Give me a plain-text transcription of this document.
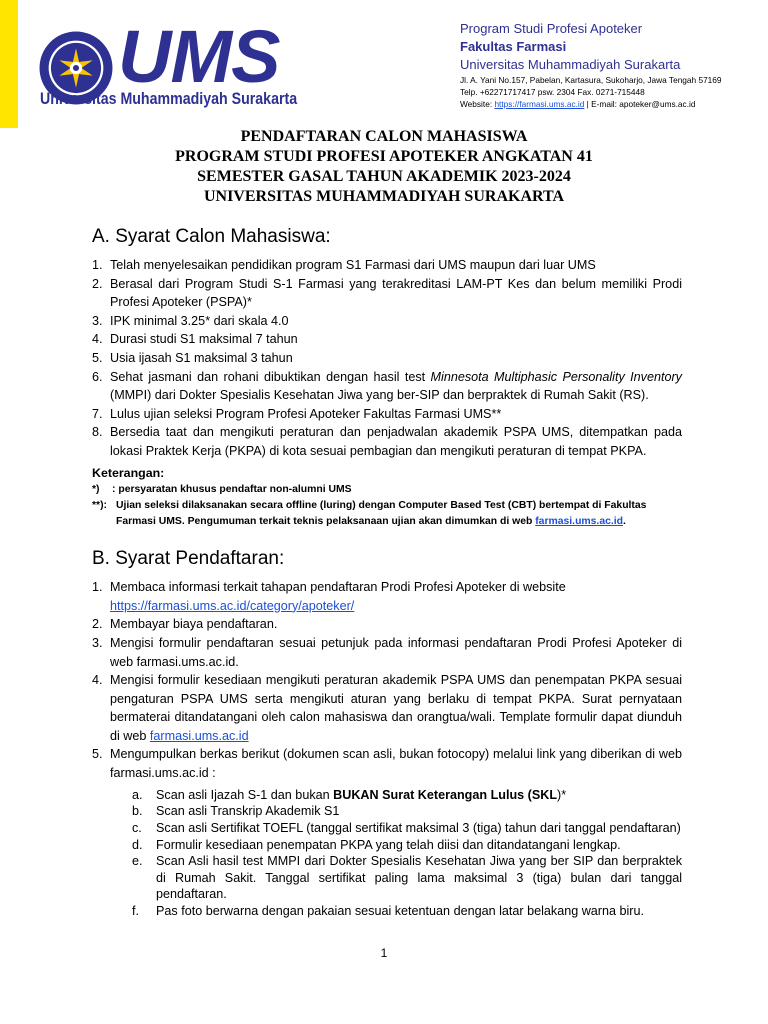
UMS
Universitas Muhammadiyah Surakarta
Program Studi Profesi Apoteker
Fakultas Farmasi
Universitas Muhammadiyah Surakarta
Jl. A. Yani No.157, Pabelan, Kartasura, Sukoharjo, Jawa Tengah 57169
Telp. +62271717417 psw. 2304 Fax. 0271-715448
Website: https://farmasi.ums.ac.id | E-mail: apoteker@ums.ac.id
PENDAFTARAN CALON MAHASISWA
PROGRAM STUDI PROFESI APOTEKER ANGKATAN 41
SEMESTER GASAL TAHUN AKADEMIK 2023-2024
UNIVERSITAS MUHAMMADIYAH SURAKARTA
A. Syarat Calon Mahasiswa:
1. Telah menyelesaikan pendidikan program S1 Farmasi dari UMS maupun dari luar UMS
2. Berasal dari Program Studi S-1 Farmasi yang terakreditasi LAM-PT Kes dan belum memiliki Prodi Profesi Apoteker (PSPA)*
3. IPK minimal 3.25* dari skala 4.0
4. Durasi studi S1 maksimal 7 tahun
5. Usia ijasah S1 maksimal 3 tahun
6. Sehat jasmani dan rohani dibuktikan dengan hasil test Minnesota Multiphasic Personality Inventory (MMPI) dari Dokter Spesialis Kesehatan Jiwa yang ber-SIP dan berpraktek di Rumah Sakit (RS).
7. Lulus ujian seleksi Program Profesi Apoteker Fakultas Farmasi UMS**
8. Bersedia taat dan mengikuti peraturan dan penjadwalan akademik PSPA UMS, ditempatkan pada lokasi Praktek Kerja (PKPA) di kota sesuai pembagian dan mengikuti peraturan di tempat PKPA.
Keterangan:
*)	: persyaratan khusus pendaftar non-alumni UMS
**): Ujian seleksi dilaksanakan secara offline (luring) dengan Computer Based Test (CBT) bertempat di Fakultas Farmasi UMS. Pengumuman terkait teknis pelaksanaan ujian akan dimumkan di web farmasi.ums.ac.id.
B. Syarat Pendaftaran:
1. Membaca informasi terkait tahapan pendaftaran Prodi Profesi Apoteker di website
https://farmasi.ums.ac.id/category/apoteker/
2. Membayar biaya pendaftaran.
3. Mengisi formulir pendaftaran sesuai petunjuk pada informasi pendaftaran Prodi Profesi Apoteker di web farmasi.ums.ac.id.
4. Mengisi formulir kesediaan mengikuti peraturan akademik PSPA UMS dan penempatan PKPA sesuai pengaturan PSPA UMS serta mengikuti aturan yang berlaku di tempat PKPA. Surat pernyataan bermaterai ditandatangani oleh calon mahasiswa dan orangtua/wali. Template formulir dapat diunduh di web farmasi.ums.ac.id
5. Mengumpulkan berkas berikut (dokumen scan asli, bukan fotocopy) melalui link yang diberikan di web farmasi.ums.ac.id :
a.	Scan asli Ijazah S-1 dan bukan BUKAN Surat Keterangan Lulus (SKL)*
b.	Scan asli Transkrip Akademik S1
c.	Scan asli Sertifikat TOEFL (tanggal sertifikat maksimal 3 (tiga) tahun dari tanggal pendaftaran)
d.	Formulir kesediaan penempatan PKPA yang telah diisi dan ditandatangani lengkap.
e.	Scan Asli hasil test MMPI dari Dokter Spesialis Kesehatan Jiwa yang ber SIP dan berpraktek di Rumah Sakit. Tanggal sertifikat paling lama maksimal 3 (tiga) bulan dari tanggal pendaftaran.
f.	Pas foto berwarna dengan pakaian sesuai ketentuan dengan latar belakang warna biru.
1
